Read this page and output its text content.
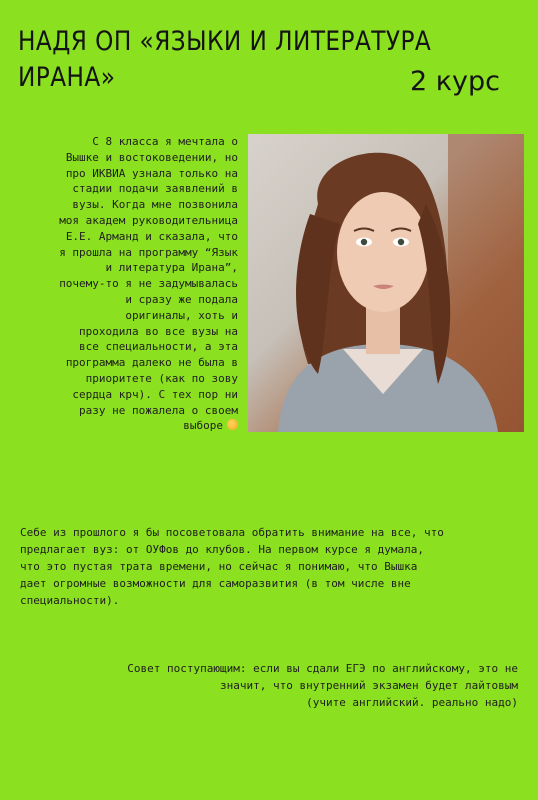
НАДЯ ОП «ЯЗЫКИ И ЛИТЕРАТУРА
ИРАНА»	2 курс

С 8 класса я мечтала о
Вышке и востоковедении, но
про ИКВИА узнала только на
стадии подачи заявлений в
вузы. Когда мне позвонила
моя академ руководительница
Е.Е. Арманд и сказала, что
я прошла на программу “Язык
и литература Ирана”,
почему-то я не задумывалась
и сразу же подала
оригиналы, хоть и
проходила во все вузы на
все специальности, а эта
программа далеко не была в
приоритете (как по зову
сердца крч). С тех пор ни
разу не пожалела о своем
выборе

Себе из прошлого я бы посоветовала обратить внимание на все, что
предлагает вуз: от ОУФов до клубов. На первом курсе я думала,
что это пустая трата времени, но сейчас я понимаю, что Вышка
дает огромные возможности для саморазвития (в том числе вне
специальности).

Совет поступающим: если вы сдали ЕГЭ по английскому, это не
значит, что внутренний экзамен будет лайтовым
(учите английский. реально надо)
